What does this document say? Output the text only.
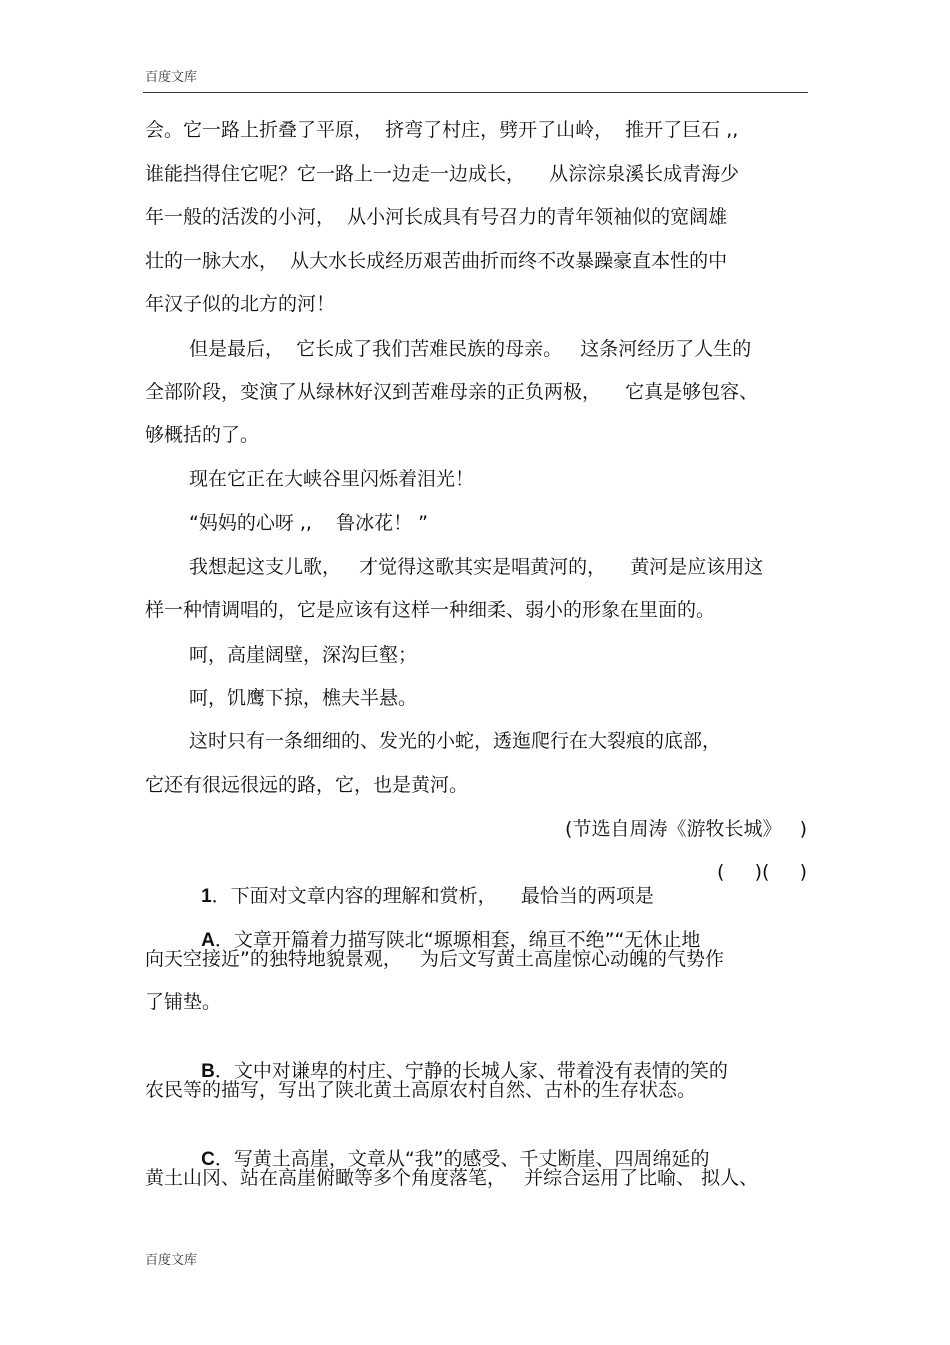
百度文库
会。它一路上折叠了平原，  挤弯了村庄，劈开了山岭，  推开了巨石 ,,
谁能挡得住它呢？它一路上一边走一边成长，    从淙淙泉溪长成青海少
年一般的活泼的小河，  从小河长成具有号召力的青年领袖似的宽阔雄
壮的一脉大水，  从大水长成经历艰苦曲折而终不改暴躁豪直本性的中
年汉子似的北方的河！
但是最后，  它长成了我们苦难民族的母亲。   这条河经历了人生的
全部阶段，变演了从绿林好汉到苦难母亲的正负两极，    它真是够包容、
够概括的了。
现在它正在大峡谷里闪烁着泪光！
“妈妈的心呀 ,,    鲁冰花！ ”
我想起这支儿歌，   才觉得这歌其实是唱黄河的，    黄河是应该用这
样一种情调唱的，它是应该有这样一种细柔、弱小的形象在里面的。
呵，高崖阔壁，深沟巨壑；
呵，饥鹰下掠，樵夫半悬。
这时只有一条细细的、发光的小蛇，透迤爬行在大裂痕的底部，
它还有很远很远的路，它，也是黄河。
(节选自周涛《游牧长城》   )

1．下面对文章内容的理解和赏析，    最恰当的两项是

(     )(     )

A．文章开篇着力描写陕北“塬塬相套，绵亘不绝”“无休止地

向天空接近”的独特地貌景观，   为后文写黄土高崖惊心动魄的气势作
了铺垫。

B．文中对谦卑的村庄、宁静的长城人家、带着没有表情的笑的

农民等的描写，写出了陕北黄土高原农村自然、古朴的生存状态。

C．写黄土高崖，文章从“我”的感受、千丈断崖、四周绵延的

黄土山冈、站在高崖俯瞰等多个角度落笔，   并综合运用了比喻、 拟人、
百度文库
